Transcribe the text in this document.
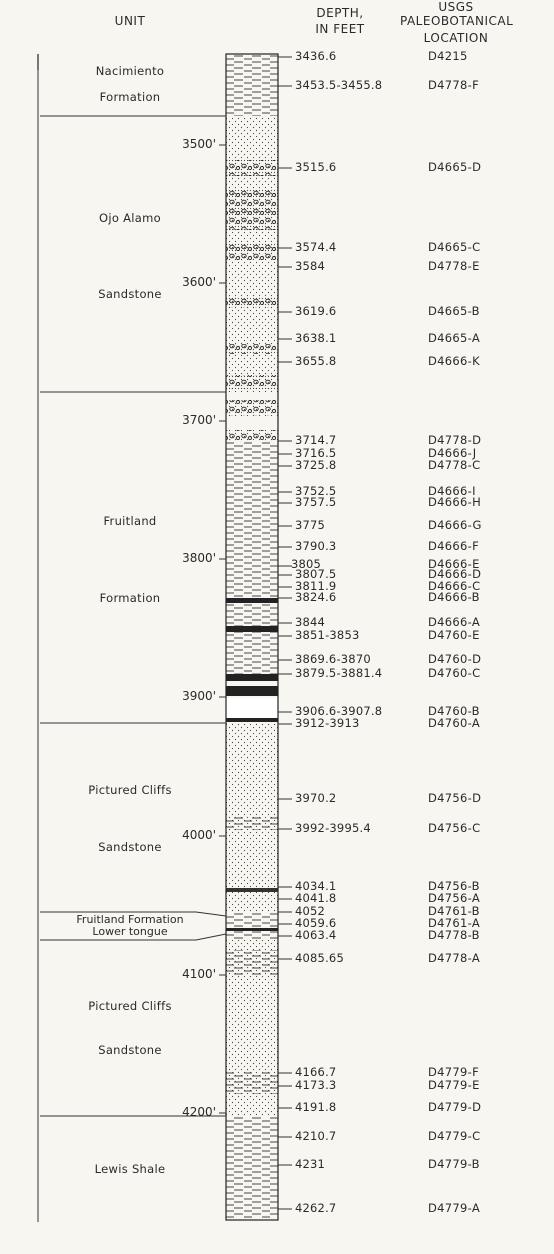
UNIT
DEPTH,
IN FEET
USGS
PALEOBOTANICAL
LOCATION
Nacimiento
Formation
Ojo Alamo
Sandstone
Fruitland
Formation
Pictured Cliffs
Sandstone
Fruitland Formation
Lower tongue
Pictured Cliffs
Sandstone
Lewis Shale
3500'
3600'
3700'
3800'
3900'
4000'
4100'
4200'
3436.6
3453.5-3455.8
3515.6
3574.4
3584
3619.6
3638.1
3655.8
3714.7
3716.5
3725.8
3752.5
3757.5
3775
3790.3
3805
3807.5
3811.9
3824.6
3844
3851-3853
3869.6-3870
3879.5-3881.4
3906.6-3907.8
3912-3913
3970.2
3992-3995.4
4034.1
4041.8
4052
4059.6
4063.4
4085.65
4166.7
4173.3
4191.8
4210.7
4231
4262.7
D4215
D4778-F
D4665-D
D4665-C
D4778-E
D4665-B
D4665-A
D4666-K
D4778-D
D4666-J
D4778-C
D4666-I
D4666-H
D4666-G
D4666-F
D4666-E
D4666-D
D4666-C
D4666-B
D4666-A
D4760-E
D4760-D
D4760-C
D4760-B
D4760-A
D4756-D
D4756-C
D4756-B
D4756-A
D4761-B
D4761-A
D4778-B
D4778-A
D4779-F
D4779-E
D4779-D
D4779-C
D4779-B
D4779-A
